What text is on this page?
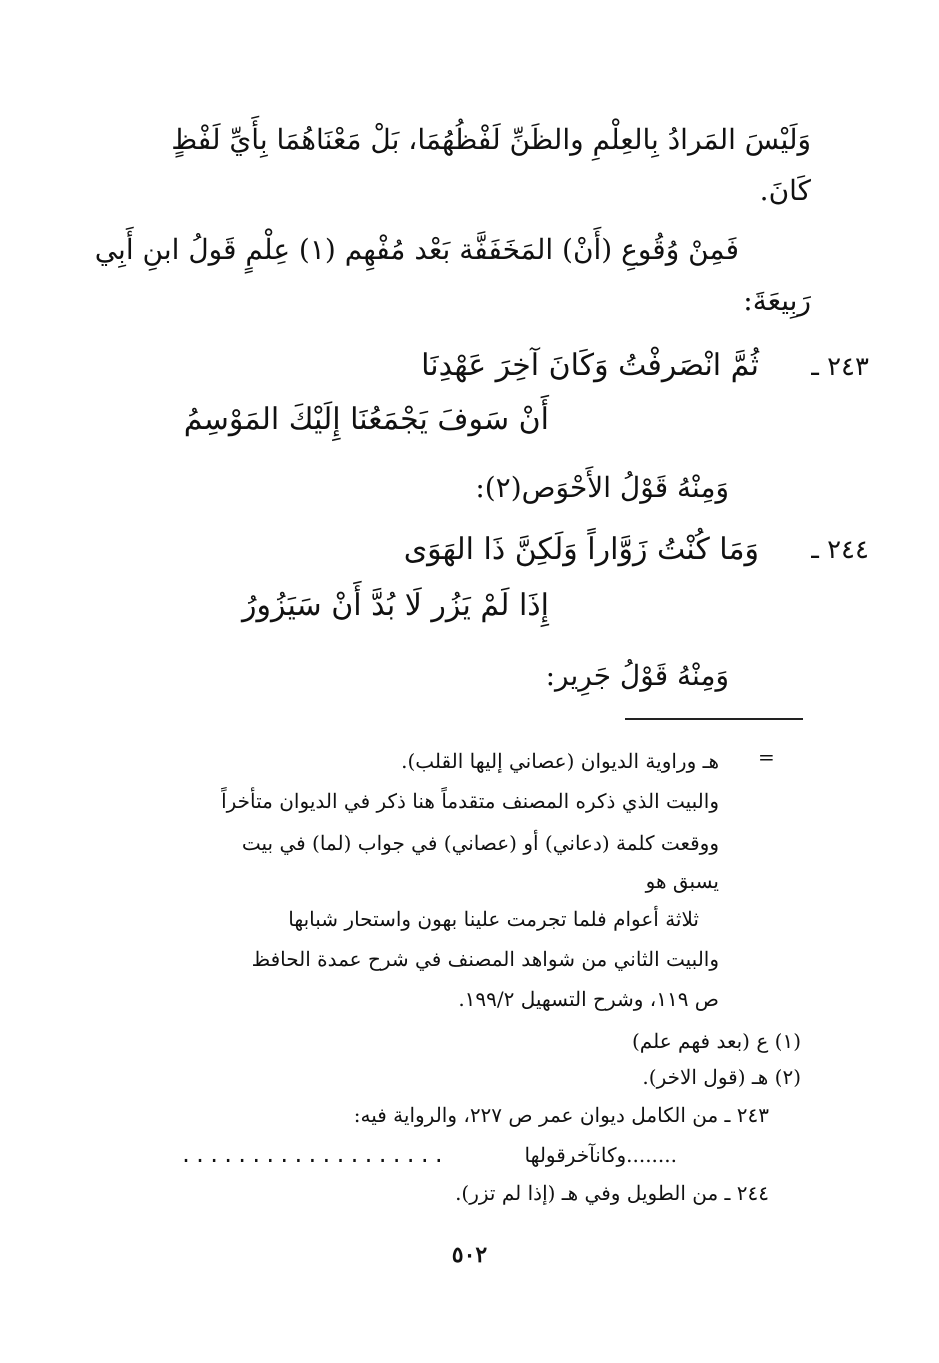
وَلَيْسَ المَرادُ بِالعِلْمِ والظَنِّ لَفْظُهُمَا، بَلْ مَعْنَاهُمَا بِأَيِّ لَفْظٍ
كَانَ.
فَمِنْ وُقُوعِ (أَنْ) المَخَفَفَّة بَعْد مُفْهِم (١) عِلْمٍ قَولُ ابنِ أَبِي
رَبِيعَةَ:
٢٤٣ ـ
ثُمَّ انْصَرفْتُ وَكَانَ آخِرَ عَهْدِنَا
أَنْ سَوفَ يَجْمَعُنَا إِلَيْكَ المَوْسِمُ
وَمِنْهُ قَوْلُ الأَحْوَص(٢):
٢٤٤ ـ
وَمَا كُنْتُ زَوَّاراً وَلَكِنَّ ذَا الهَوَى
إِذَا لَمْ يَزُر لَا بُدَّ أَنْ سَيَزُورُ
وَمِنْهُ قَوْلُ جَرِير:
=
هـ وراوية الديوان (عصاني إليها القلب).
والبيت الذي ذكره المصنف متقدماً هنا ذكر في الديوان متأخراً
ووقعت كلمة (دعاني) أو (عصاني) في جواب (لما) في بيت
يسبق هو
ثلاثة أعوام فلما تجرمت علينا بهون واستحار شبابها
والبيت الثاني من شواهد المصنف في شرح عمدة الحافظ
ص ١١٩، وشرح التسهيل ١٩٩/٢.
(١) ع (بعد فهم علم)
(٢) هـ (قول الاخر).
٢٤٣ ـ من الكامل ديوان عمر ص ٢٢٧، والرواية فيه:
........وكانآخرقولها
...................
٢٤٤ ـ من الطويل وفي هـ (إذا لم تزر).
٥٠٢
